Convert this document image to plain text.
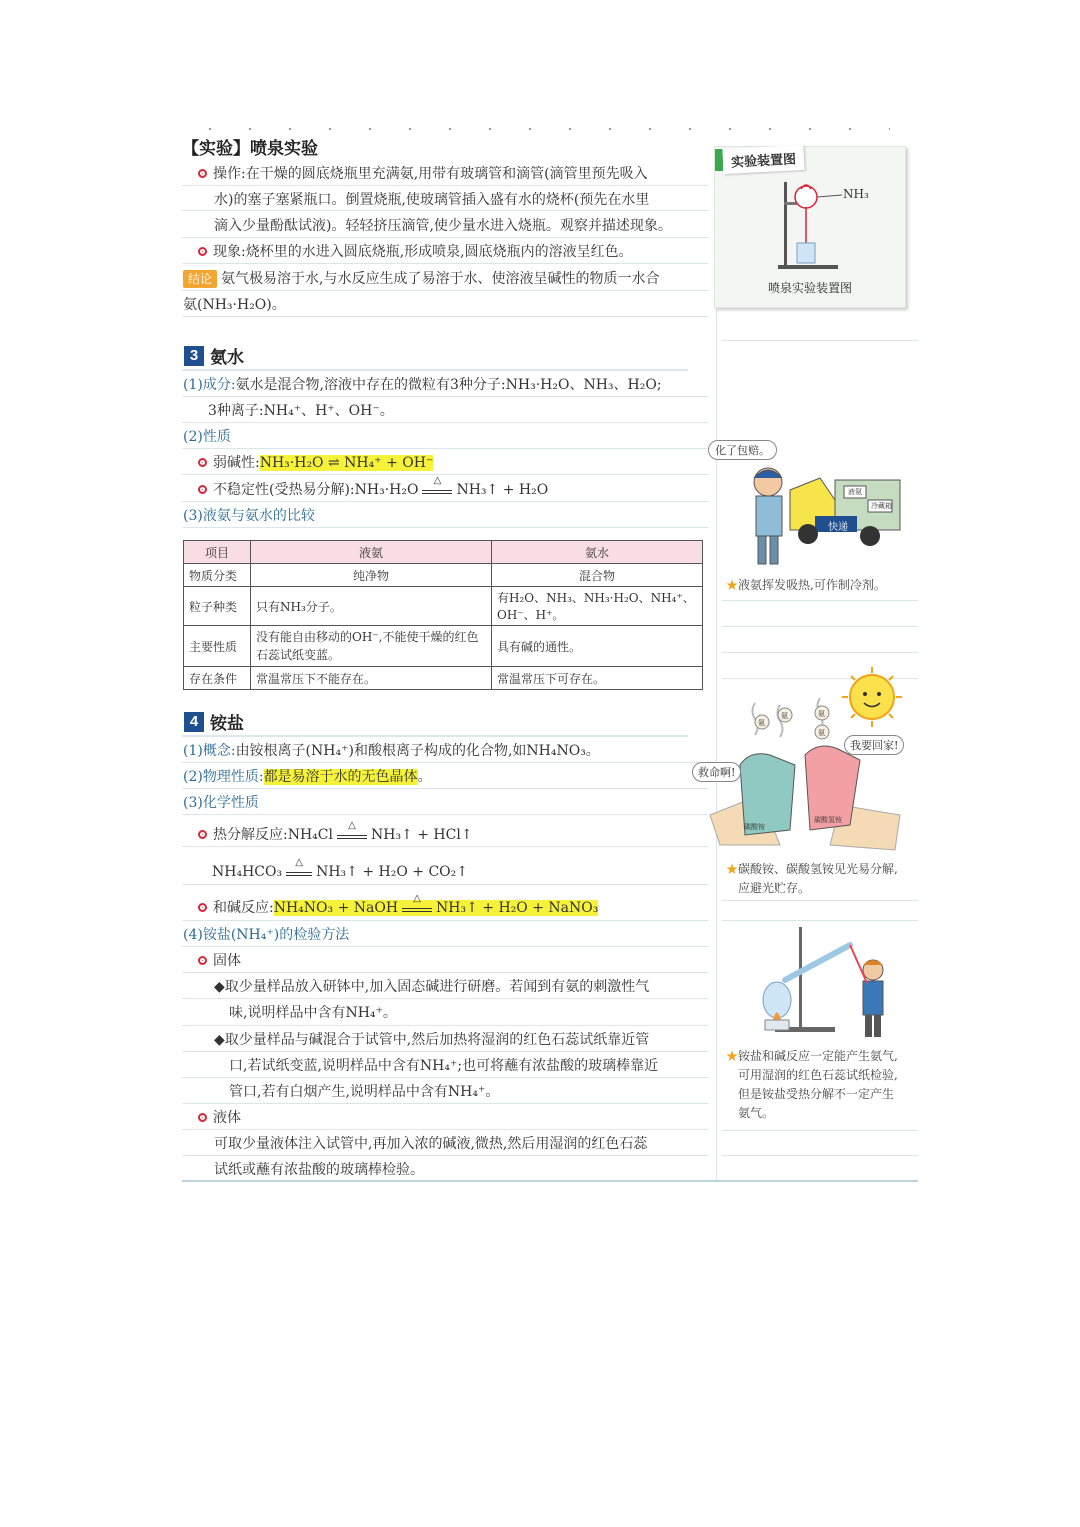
【实验】喷泉实验
操作:在干燥的圆底烧瓶里充满氨,用带有玻璃管和滴管(滴管里预先吸入
水)的塞子塞紧瓶口。倒置烧瓶,使玻璃管插入盛有水的烧杯(预先在水里
滴入少量酚酞试液)。轻轻挤压滴管,使少量水进入烧瓶。观察并描述现象。
现象:烧杯里的水进入圆底烧瓶,形成喷泉,圆底烧瓶内的溶液呈红色。
结论 氨气极易溶于水,与水反应生成了易溶于水、使溶液呈碱性的物质一水合
氨(NH₃·H₂O)。
实验装置图
NH₃
喷泉实验装置图
3 氨水
(1)成分:氨水是混合物,溶液中存在的微粒有3种分子:NH₃·H₂O、NH₃、H₂O;
3种离子:NH₄⁺、H⁺、OH⁻。
(2)性质
弱碱性:NH₃·H₂O ⇌ NH₄⁺ + OH⁻
不稳定性(受热易分解):NH₃·H₂O
△
NH₃↑ + H₂O
(3)液氨与氨水的比较
项目	液氨	氨水
物质分类	纯净物	混合物
粒子种类	只有NH₃分子。	有H₂O、NH₃、NH₃·H₂O、NH₄⁺、OH⁻、H⁺。
主要性质	没有能自由移动的OH⁻,不能使干燥的红色石蕊试纸变蓝。	具有碱的通性。
存在条件	常温常压下不能存在。	常温常压下可存在。
化了包赔。
液氨
冷藏箱
快递
★液氨挥发吸热,可作制冷剂。
4 铵盐
(1)概念:由铵根离子(NH₄⁺)和酸根离子构成的化合物,如NH₄NO₃。
(2)物理性质:都是易溶于水的无色晶体。
(3)化学性质
热分解反应:NH₄Cl
△
NH₃↑ + HCl↑
NH₄HCO₃
△
NH₃↑ + H₂O + CO₂↑
和碱反应:NH₄NO₃ + NaOH
△
NH₃↑ + H₂O + NaNO₃
(4)铵盐(NH₄⁺)的检验方法
固体
◆取少量样品放入研钵中,加入固态碱进行研磨。若闻到有氨的刺激性气
味,说明样品中含有NH₄⁺。
◆取少量样品与碱混合于试管中,然后加热将湿润的红色石蕊试纸靠近管
口,若试纸变蓝,说明样品中含有NH₄⁺;也可将蘸有浓盐酸的玻璃棒靠近
管口,若有白烟产生,说明样品中含有NH₄⁺。
液体
可取少量液体注入试管中,再加入浓的碱液,微热,然后用湿润的红色石蕊
试纸或蘸有浓盐酸的玻璃棒检验。
氨
氨	氨
氨
救命啊!
我要回家!
碳酸铵
碳酸氢铵
★碳酸铵、碳酸氢铵见光易分解,
应避光贮存。
★铵盐和碱反应一定能产生氨气,
可用湿润的红色石蕊试纸检验,
但是铵盐受热分解不一定产生
氨气。
